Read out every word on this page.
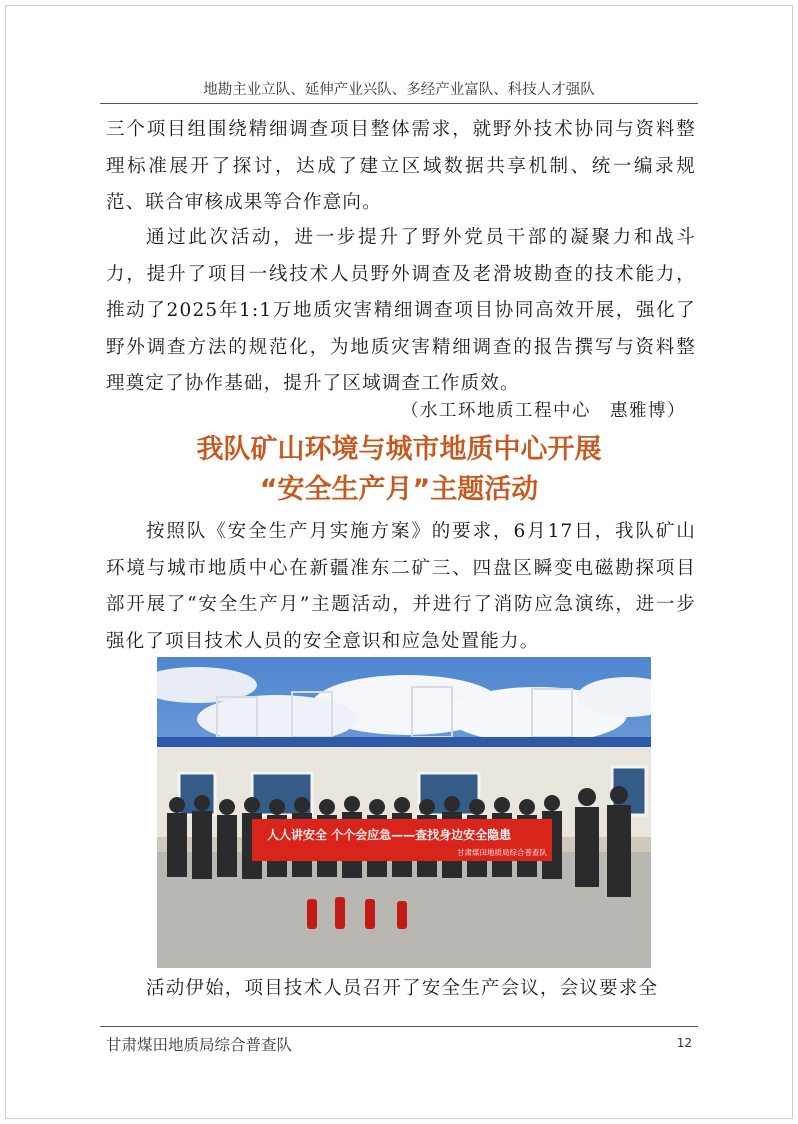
地勘主业立队、延伸产业兴队、多经产业富队、科技人才强队

三个项目组围绕精细调查项目整体需求，就野外技术协同与资料整理标准展开了探讨，达成了建立区域数据共享机制、统一编录规范、联合审核成果等合作意向。

通过此次活动，进一步提升了野外党员干部的凝聚力和战斗力，提升了项目一线技术人员野外调查及老滑坡勘查的技术能力，推动了2025年1:1万地质灾害精细调查项目协同高效开展，强化了野外调查方法的规范化，为地质灾害精细调查的报告撰写与资料整理奠定了协作基础，提升了区域调查工作质效。

（水工环地质工程中心　惠雅博）
我队矿山环境与城市地质中心开展
“安全生产月”主题活动

按照队《安全生产月实施方案》的要求，6月17日，我队矿山环境与城市地质中心在新疆准东二矿三、四盘区瞬变电磁勘探项目部开展了“安全生产月”主题活动，并进行了消防应急演练，进一步强化了项目技术人员的安全意识和应急处置能力。

人人讲安全 个个会应急——查找身边安全隐患
甘肃煤田地质局综合普查队

活动伊始，项目技术人员召开了安全生产会议，会议要求全

甘肃煤田地质局综合普查队	12
